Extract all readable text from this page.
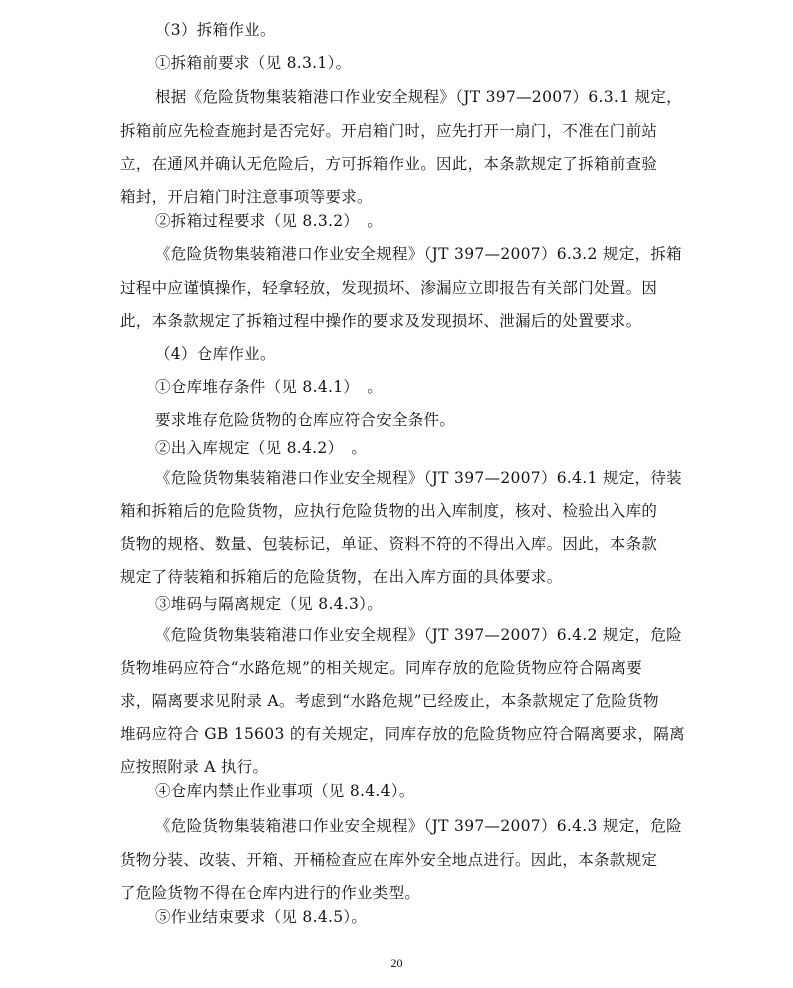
（3）拆箱作业。
①拆箱前要求（见 8.3.1）。
根据《危险货物集装箱港口作业安全规程》（JT 397—2007）6.3.1 规定，
拆箱前应先检查施封是否完好。开启箱门时，应先打开一扇门，不准在门前站
立，在通风并确认无危险后，方可拆箱作业。因此，本条款规定了拆箱前查验
箱封，开启箱门时注意事项等要求。
②拆箱过程要求（见 8.3.2）　。
《危险货物集装箱港口作业安全规程》（JT 397—2007）6.3.2 规定，拆箱
过程中应谨慎操作，轻拿轻放，发现损坏、渗漏应立即报告有关部门处置。因
此，本条款规定了拆箱过程中操作的要求及发现损坏、泄漏后的处置要求。
（4）仓库作业。
①仓库堆存条件（见 8.4.1）　。
要求堆存危险货物的仓库应符合安全条件。
②出入库规定（见 8.4.2）　。
《危险货物集装箱港口作业安全规程》（JT 397—2007）6.4.1 规定，待装
箱和拆箱后的危险货物，应执行危险货物的出入库制度，核对、检验出入库的
货物的规格、数量、包装标记，单证、资料不符的不得出入库。因此，本条款
规定了待装箱和拆箱后的危险货物，在出入库方面的具体要求。
③堆码与隔离规定（见 8.4.3）。
《危险货物集装箱港口作业安全规程》（JT 397—2007）6.4.2 规定，危险
货物堆码应符合“水路危规”的相关规定。同库存放的危险货物应符合隔离要
求，隔离要求见附录 A。考虑到“水路危规”已经废止，本条款规定了危险货物
堆码应符合 GB 15603 的有关规定，同库存放的危险货物应符合隔离要求，隔离
应按照附录 A 执行。
④仓库内禁止作业事项（见 8.4.4）。
《危险货物集装箱港口作业安全规程》（JT 397—2007）6.4.3 规定，危险
货物分装、改装、开箱、开桶检查应在库外安全地点进行。因此，本条款规定
了危险货物不得在仓库内进行的作业类型。
⑤作业结束要求（见 8.4.5）。
20
